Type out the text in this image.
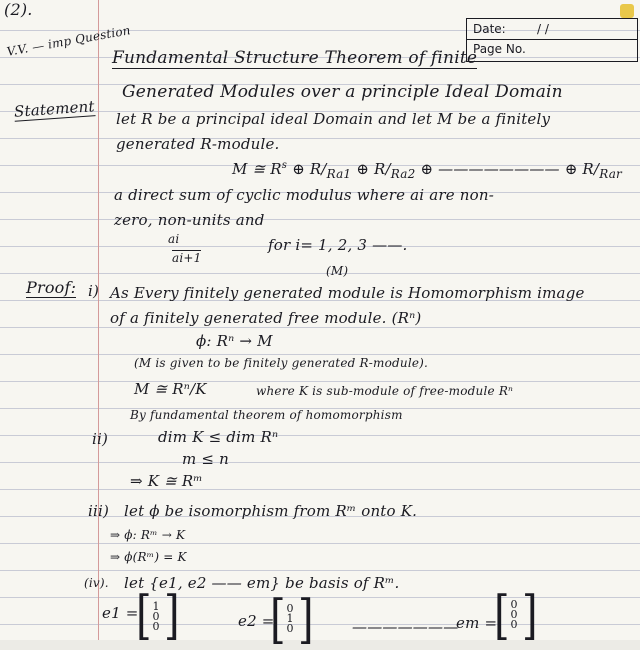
(2).
V.V. — imp Question	Date:	/ /
Page No.
Fundamental Structure Theorem of finite
Generated Modules over a principle Ideal Domain
Statement let R be a principal ideal Domain and let M be a finitely
generated R-module.
M ≅ $R^s$ ⊕ $R/_{Ra1}$ ⊕ $R/_{Ra2}$ ⊕ ———————— ⊕ $R/_{Rar}$
a direct sum of cyclic modulus where ai are non-
zero, non-units and
ai
ai+1
for i= 1, 2, 3 ——.
(M)
Proof: i) As Every finitely generated module is Homomorphism image
of a finitely generated free module. (Rⁿ)
ϕ: Rⁿ → M
(M is given to be finitely generated R-module).
M ≅ Rⁿ/K	where K is sub-module of free-module Rⁿ
By fundamental theorem of homomorphism
ii)	dim K ≤ dim Rⁿ
m ≤ n
⇒ K ≅ Rᵐ
iii) let ϕ be isomorphism from Rᵐ onto K.
⇒ ϕ: Rᵐ → K
⇒ ϕ(Rᵐ) = K
(iv). let {e1, e2 —— em} be basis of Rᵐ.
e1 =
[ 1
0
0 ]	e2 =
[ 0
1
0 ]	———————
em =
[ 0
0
0 ]
